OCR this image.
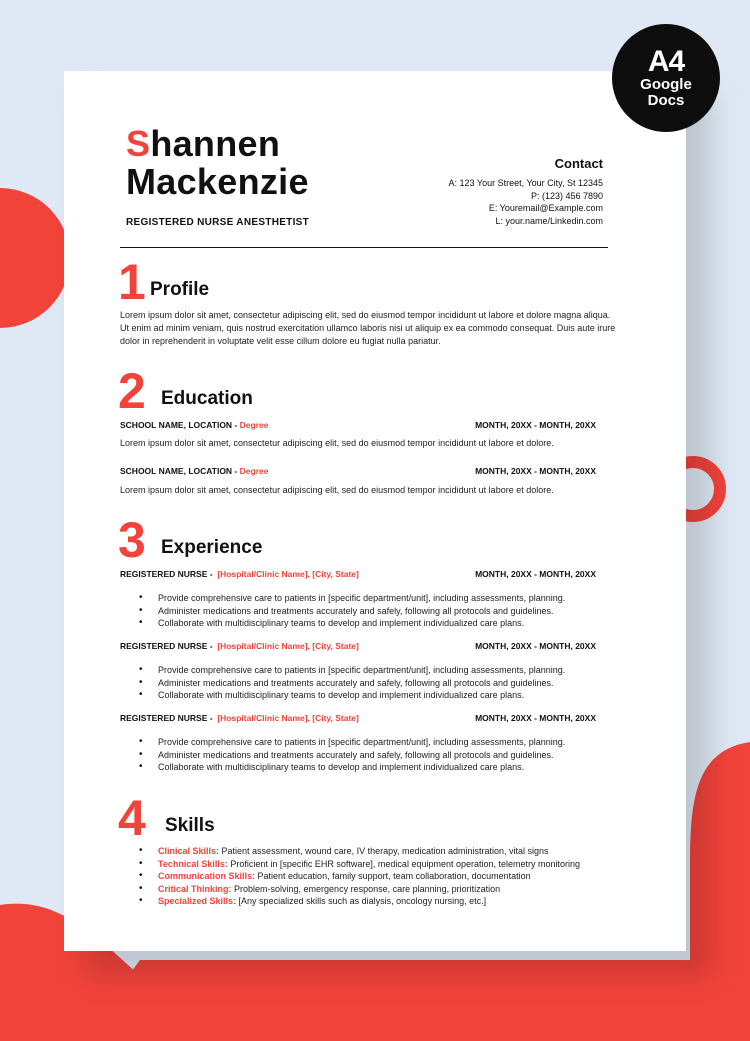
A4
Google
Docs
Shannen
Mackenzie
REGISTERED NURSE ANESTHETIST
Contact
A: 123 Your Street, Your City, St 12345
P: (123) 456 7890
E: Youremail@Example.com
L: your.name/Linkedin.com
1 Profile
Lorem ipsum dolor sit amet, consectetur adipiscing elit, sed do eiusmod tempor incididunt ut labore et dolore magna aliqua. Ut enim ad minim veniam, quis nostrud exercitation ullamco laboris nisi ut aliquip ex ea commodo consequat. Duis aute irure dolor in reprehenderit in voluptate velit esse cillum dolore eu fugiat nulla pariatur.
2 Education
SCHOOL NAME, LOCATION - Degree	MONTH, 20XX - MONTH, 20XX
Lorem ipsum dolor sit amet, consectetur adipiscing elit, sed do eiusmod tempor incididunt ut labore et dolore.
SCHOOL NAME, LOCATION - Degree	MONTH, 20XX - MONTH, 20XX
Lorem ipsum dolor sit amet, consectetur adipiscing elit, sed do eiusmod tempor incididunt ut labore et dolore.
3 Experience
REGISTERED NURSE -  [Hospital/Clinic Name], [City, State]	MONTH, 20XX - MONTH, 20XX
• Provide comprehensive care to patients in [specific department/unit], including assessments, planning.
• Administer medications and treatments accurately and safely, following all protocols and guidelines.
• Collaborate with multidisciplinary teams to develop and implement individualized care plans.
REGISTERED NURSE -  [Hospital/Clinic Name], [City, State]	MONTH, 20XX - MONTH, 20XX
• Provide comprehensive care to patients in [specific department/unit], including assessments, planning.
• Administer medications and treatments accurately and safely, following all protocols and guidelines.
• Collaborate with multidisciplinary teams to develop and implement individualized care plans.
REGISTERED NURSE -  [Hospital/Clinic Name], [City, State]	MONTH, 20XX - MONTH, 20XX
• Provide comprehensive care to patients in [specific department/unit], including assessments, planning.
• Administer medications and treatments accurately and safely, following all protocols and guidelines.
• Collaborate with multidisciplinary teams to develop and implement individualized care plans.
4 Skills
• Clinical Skills: Patient assessment, wound care, IV therapy, medication administration, vital signs
• Technical Skills: Proficient in [specific EHR software], medical equipment operation, telemetry monitoring
• Communication Skills: Patient education, family support, team collaboration, documentation
• Critical Thinking: Problem-solving, emergency response, care planning, prioritization
• Specialized Skills: [Any specialized skills such as dialysis, oncology nursing, etc.]
